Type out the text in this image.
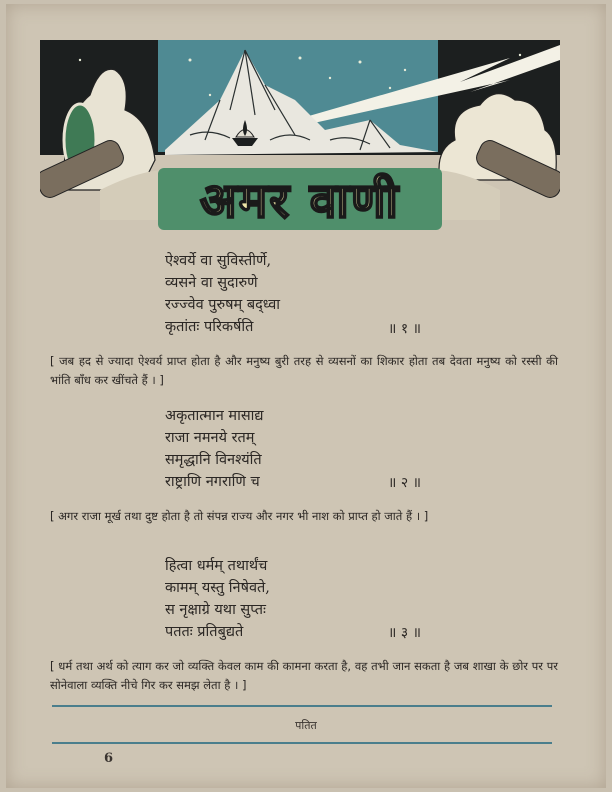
अमर वाणी
ऐश्वर्ये वा सुविस्तीर्णे,
व्यसने वा सुदारुणे
रज्ज्वेव पुरुषम् बद्ध्वा
कृतांतः परिकर्षति	॥ १ ॥
[ जब हद से ज्यादा ऐश्वर्य प्राप्त होता है और मनुष्य बुरी तरह से व्यसनों का शिकार होता तब देवता मनुष्य को रस्सी की भांति बाँध कर खींचते हैं । ]
अकृतात्मान मासाद्य
राजा नमनये रतम्
समृद्धानि विनश्यंति
राष्ट्राणि नगराणि च	॥ २ ॥
[ अगर राजा मूर्ख तथा दुष्ट होता है तो संपन्न राज्य और नगर भी नाश को प्राप्त हो जाते हैं । ]
हित्वा धर्मम् तथार्थंच
कामम् यस्तु निषेवते,
स नृक्षाग्रे यथा सुप्तः
पततः प्रतिबुद्यते	॥ ३ ॥
[ धर्म तथा अर्थ को त्याग कर जो व्यक्ति केवल काम की कामना करता है, वह तभी जान सकता है जब शाखा के छोर पर पर सोनेवाला व्यक्ति नीचे गिर कर समझ लेता है । ]
पतित
6
